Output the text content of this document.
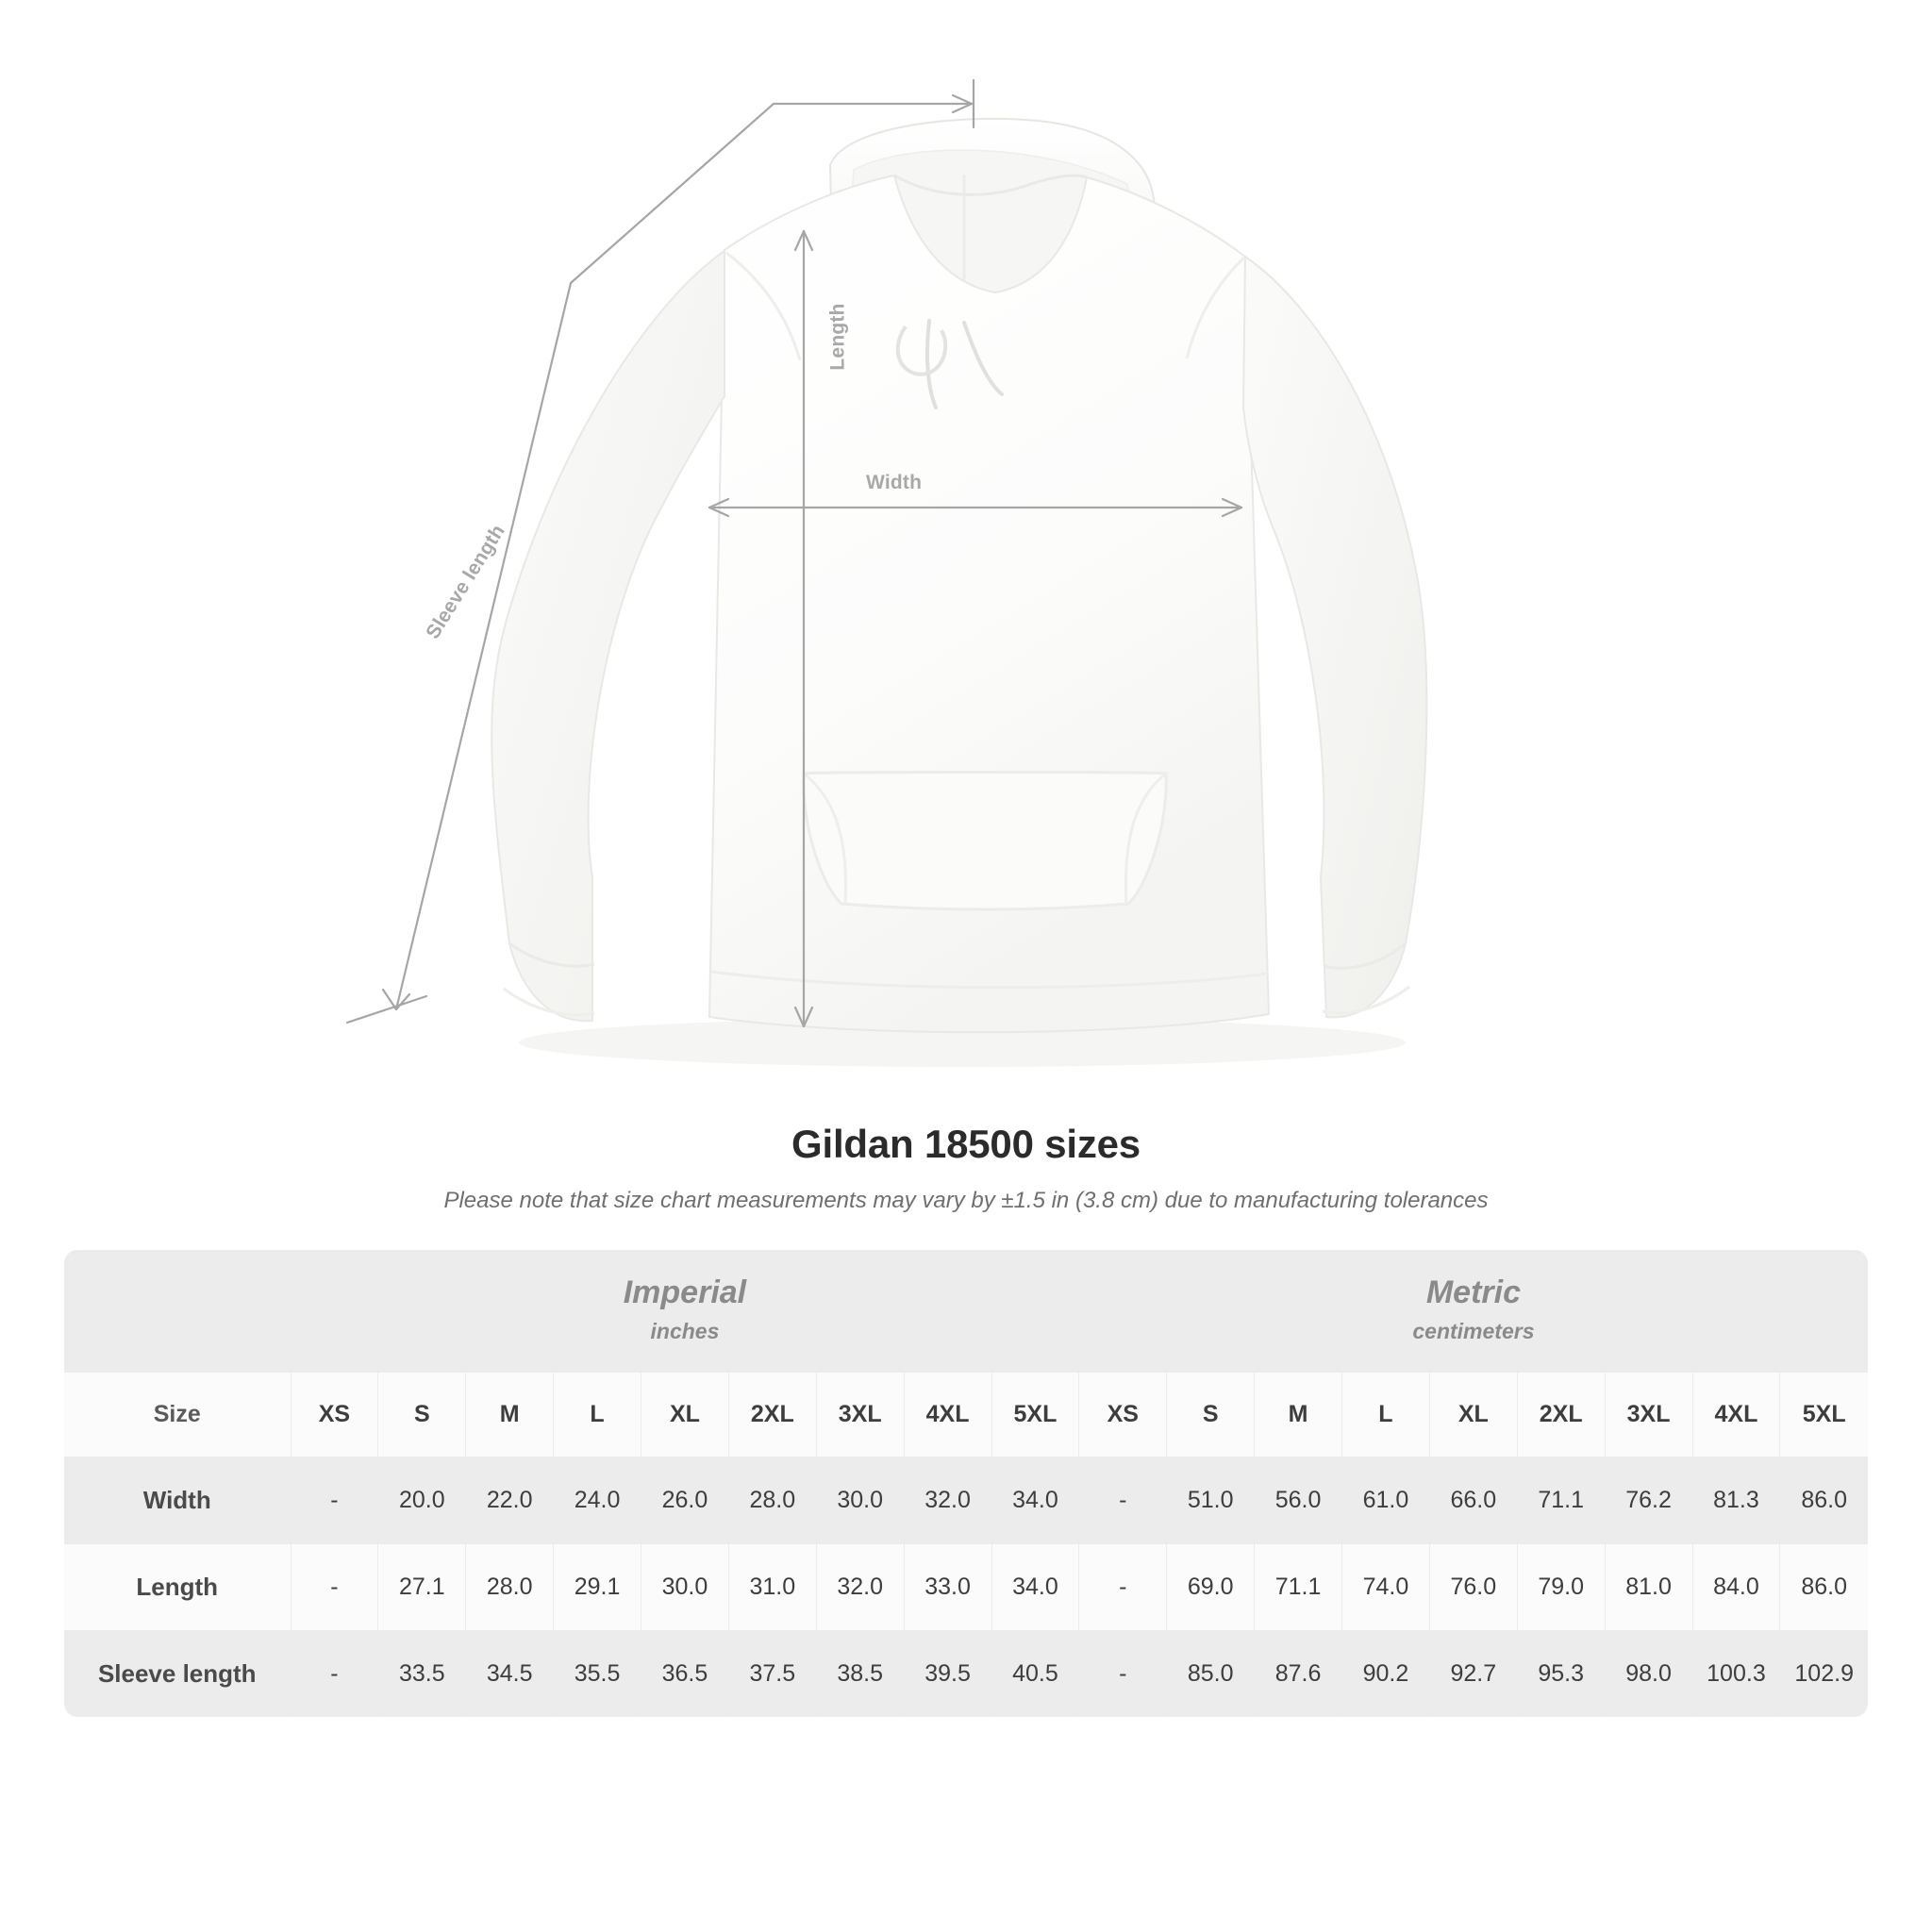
Length
Width
Sleeve length
Gildan 18500 sizes
Please note that size chart measurements may vary by ±1.5 in (3.8 cm) due to manufacturing tolerances

	Imperial
inches									Metric
centimeters								

Size	XS	S	M	L	XL	2XL	3XL	4XL	5XL	XS	S	M	L	XL	2XL	3XL	4XL	5XL
Width	-	20.0	22.0	24.0	26.0	28.0	30.0	32.0	34.0	-	51.0	56.0	61.0	66.0	71.1	76.2	81.3	86.0
Length	-	27.1	28.0	29.1	30.0	31.0	32.0	33.0	34.0	-	69.0	71.1	74.0	76.0	79.0	81.0	84.0	86.0
Sleeve length	-	33.5	34.5	35.5	36.5	37.5	38.5	39.5	40.5	-	85.0	87.6	90.2	92.7	95.3	98.0	100.3	102.9
